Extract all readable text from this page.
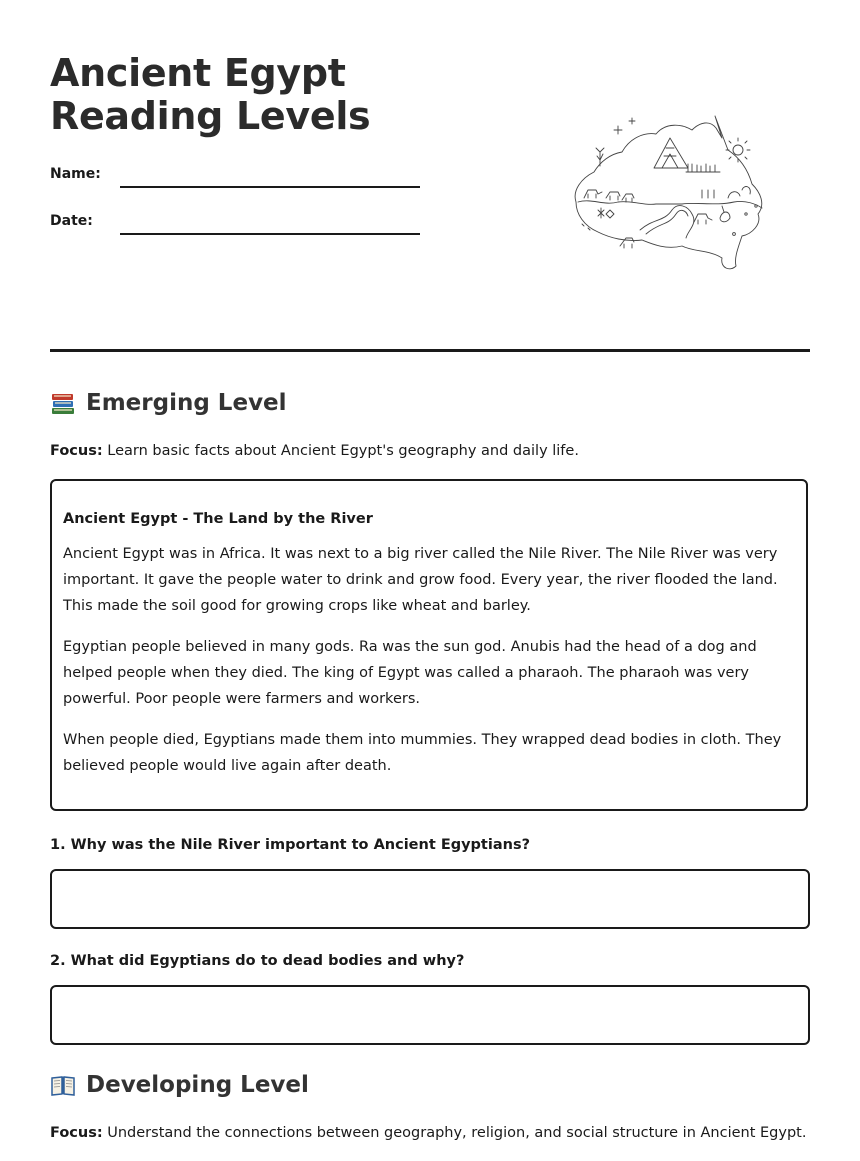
Ancient Egypt Reading Levels
Name:
Date:
Emerging Level
Focus: Learn basic facts about Ancient Egypt's geography and daily life.
Ancient Egypt - The Land by the River

Ancient Egypt was in Africa. It was next to a big river called the Nile River. The Nile River was very important. It gave the people water to drink and grow food. Every year, the river flooded the land. This made the soil good for growing crops like wheat and barley.

Egyptian people believed in many gods. Ra was the sun god. Anubis had the head of a dog and helped people when they died. The king of Egypt was called a pharaoh. The pharaoh was very powerful. Poor people were farmers and workers.

When people died, Egyptians made them into mummies. They wrapped dead bodies in cloth. They believed people would live again after death.

1. Why was the Nile River important to Ancient Egyptians?
2. What did Egyptians do to dead bodies and why?
Developing Level
Focus: Understand the connections between geography, religion, and social structure in Ancient Egypt.
